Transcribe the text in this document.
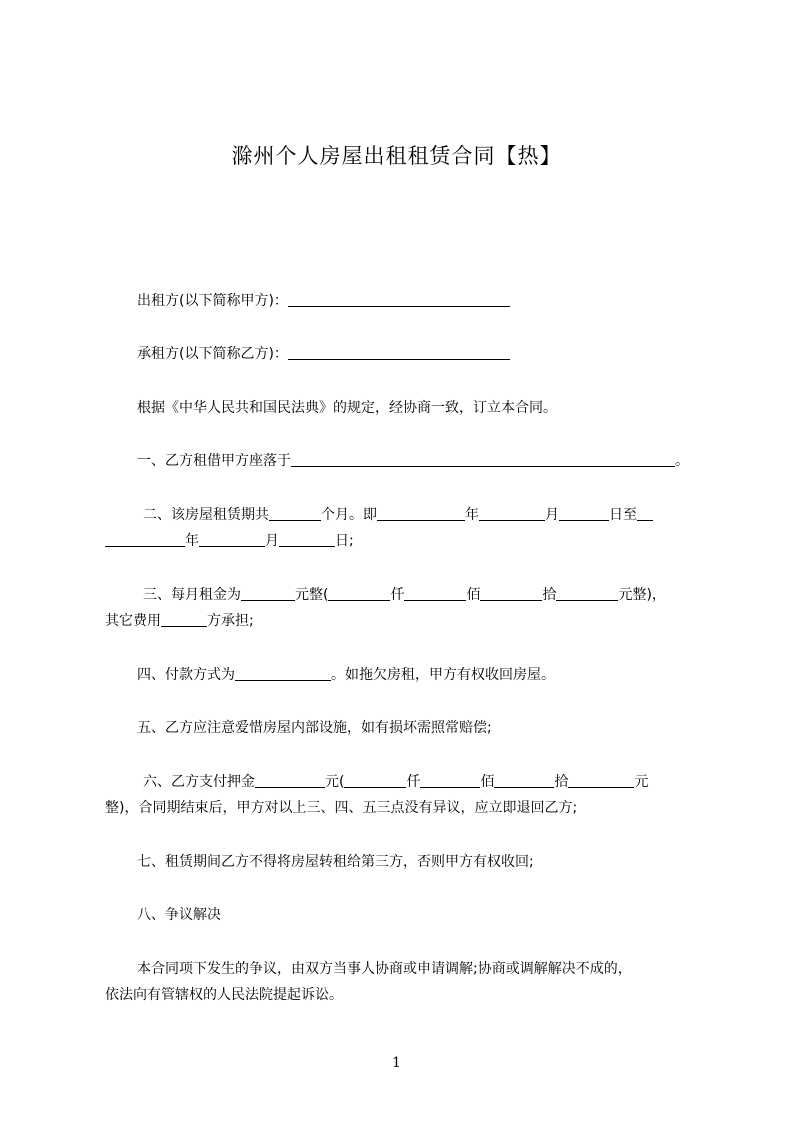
滁州个人房屋出租租赁合同【热】
出租方(以下简称甲方)：
承租方(以下简称乙方)：
根据《中华人民共和国民法典》的规定，经协商一致，订立本合同。
一、乙方租借甲方座落于	。
二、该房屋租赁期共	个月。即	年	月	日至
年	月	日;
三、每月租金为	元整(	仟	佰	拾	元整)，
其它费用	方承担;
四、付款方式为	。如拖欠房租，甲方有权收回房屋。
五、乙方应注意爱惜房屋内部设施，如有损坏需照常赔偿;
六、乙方支付押金	元(	仟	佰	拾	元
整)，合同期结束后，甲方对以上三、四、五三点没有异议，应立即退回乙方;
七、租赁期间乙方不得将房屋转租给第三方，否则甲方有权收回;
八、争议解决
本合同项下发生的争议，由双方当事人协商或申请调解;协商或调解解决不成的，
依法向有管辖权的人民法院提起诉讼。
1
